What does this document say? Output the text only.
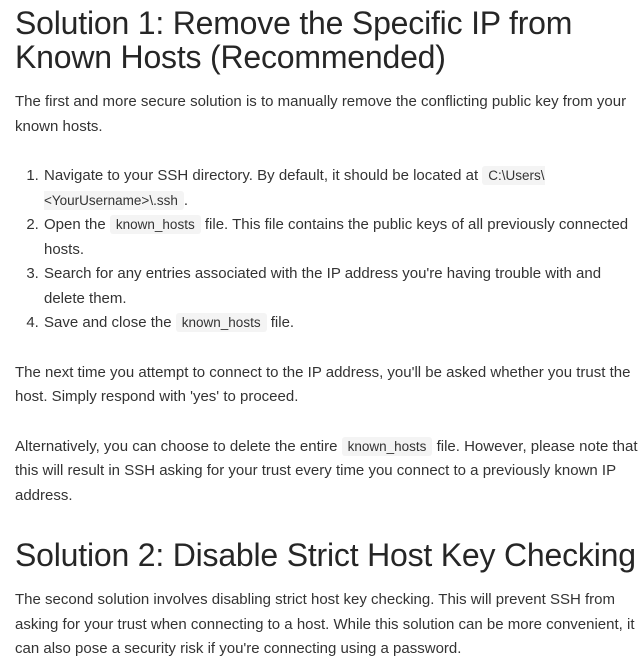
Solution 1: Remove the Specific IP from Known Hosts (Recommended)

The first and more secure solution is to manually remove the conflicting public key from your known hosts.

1. Navigate to your SSH directory. By default, it should be located at C:\Users\<YourUsername>\.ssh .
2. Open the known_hosts file. This file contains the public keys of all previously connected hosts.
3. Search for any entries associated with the IP address you're having trouble with and delete them.
4. Save and close the known_hosts file.

The next time you attempt to connect to the IP address, you'll be asked whether you trust the host. Simply respond with 'yes' to proceed.

Alternatively, you can choose to delete the entire known_hosts file. However, please note that this will result in SSH asking for your trust every time you connect to a previously known IP address.

Solution 2: Disable Strict Host Key Checking

The second solution involves disabling strict host key checking. This will prevent SSH from asking for your trust when connecting to a host. While this solution can be more convenient, it can also pose a security risk if you're connecting using a password.
